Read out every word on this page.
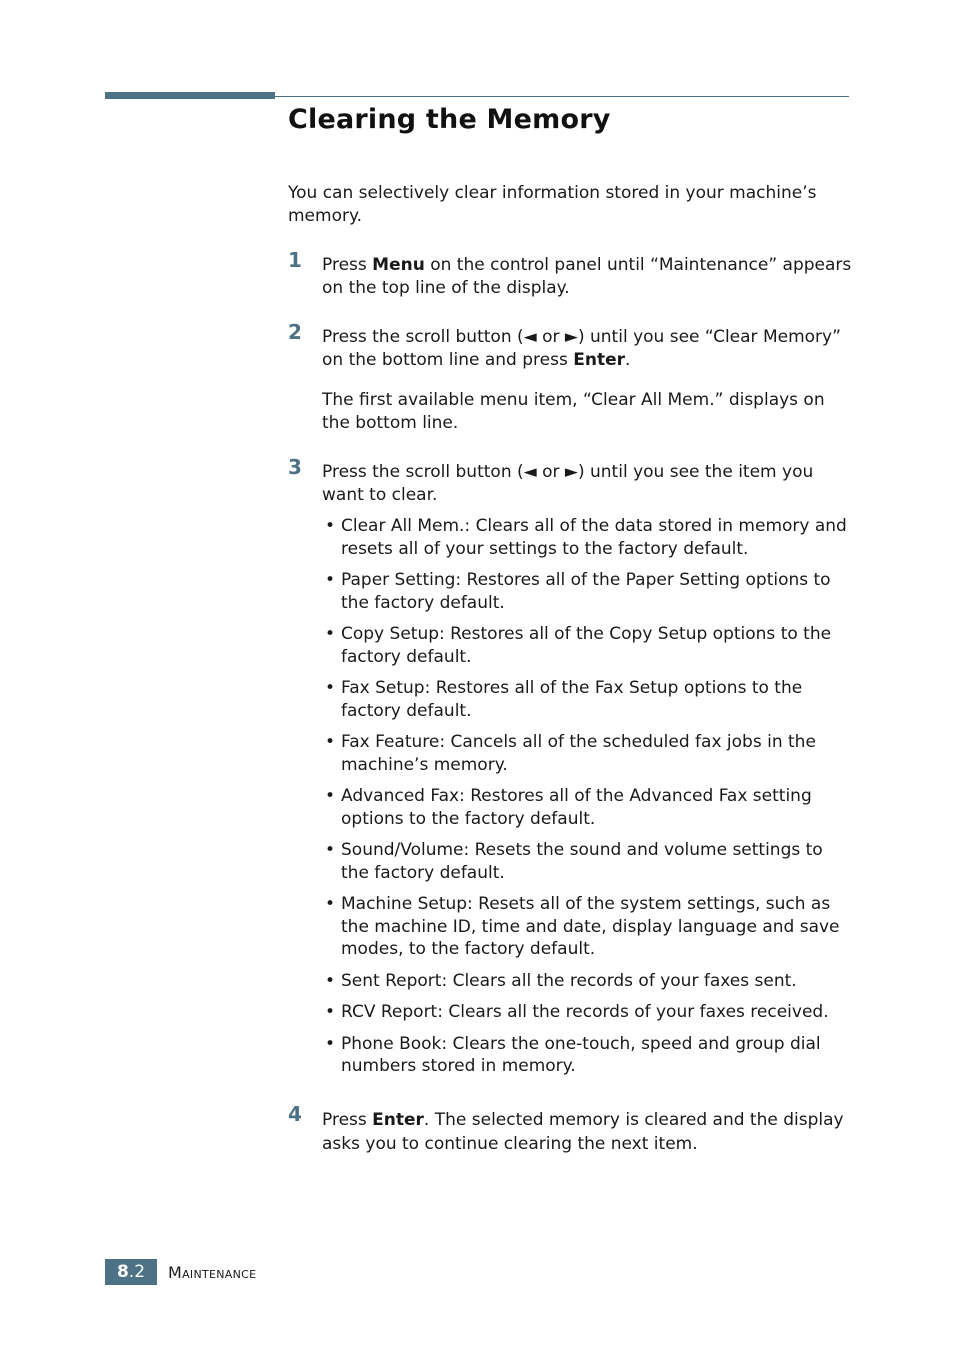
Clearing the Memory

You can selectively clear information stored in your machine’s memory.

1 Press Menu on the control panel until “Maintenance” appears on the top line of the display.

2 Press the scroll button (◄ or ►) until you see “Clear Memory” on the bottom line and press Enter.

The first available menu item, “Clear All Mem.” displays on the bottom line.

3 Press the scroll button (◄ or ►) until you see the item you want to clear.

• Clear All Mem.: Clears all of the data stored in memory and resets all of your settings to the factory default.
• Paper Setting: Restores all of the Paper Setting options to the factory default.
• Copy Setup: Restores all of the Copy Setup options to the factory default.
• Fax Setup: Restores all of the Fax Setup options to the factory default.
• Fax Feature: Cancels all of the scheduled fax jobs in the machine’s memory.
• Advanced Fax: Restores all of the Advanced Fax setting options to the factory default.
• Sound/Volume: Resets the sound and volume settings to the factory default.
• Machine Setup: Resets all of the system settings, such as the machine ID, time and date, display language and save modes, to the factory default.
• Sent Report: Clears all the records of your faxes sent.
• RCV Report: Clears all the records of your faxes received.
• Phone Book: Clears the one-touch, speed and group dial numbers stored in memory.
4 Press Enter. The selected memory is cleared and the display asks you to continue clearing the next item.

8 .2 Maintenance
